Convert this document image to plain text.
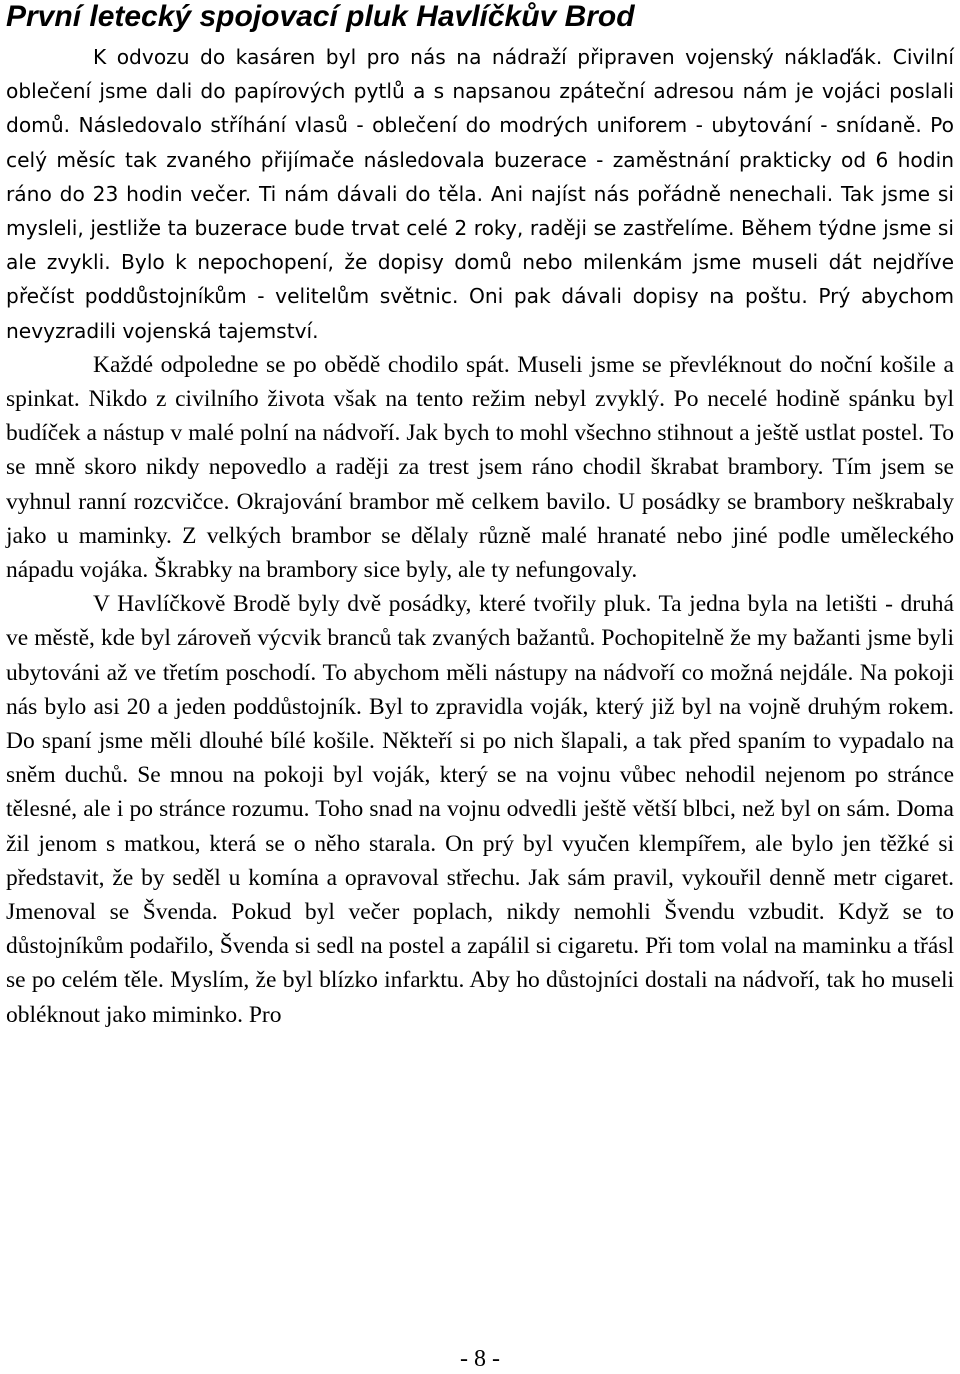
První letecký spojovací pluk Havlíčkův Brod

K odvozu do kasáren byl pro nás na nádraží připraven vojenský náklaďák. Civilní oblečení jsme dali do papírových pytlů a s napsanou zpáteční adresou nám je vojáci poslali domů. Následovalo stříhání vlasů - oblečení do modrých uniforem - ubytování - snídaně. Po celý měsíc tak zvaného přijímače následovala buzerace - zaměstnání prakticky od 6 hodin ráno do 23 hodin večer. Ti nám dávali do těla. Ani najíst nás pořádně nenechali. Tak jsme si mysleli, jestliže ta buzerace bude trvat celé 2 roky, raději se zastřelíme. Během týdne jsme si ale zvykli. Bylo k nepochopení, že dopisy domů nebo milenkám jsme museli dát nejdříve přečíst poddůstojníkům - velitelům světnic. Oni pak dávali dopisy na poštu. Prý abychom nevyzradili vojenská tajemství.

Každé odpoledne se po obědě chodilo spát. Museli jsme se převléknout do noční košile a spinkat. Nikdo z civilního života však na tento režim nebyl zvyklý. Po necelé hodině spánku byl budíček a nástup v malé polní na nádvoří. Jak bych to mohl všechno stihnout a ještě ustlat postel. To se mně skoro nikdy nepovedlo a raději za trest jsem ráno chodil škrabat brambory. Tím jsem se vyhnul ranní rozcvičce. Okrajování brambor mě celkem bavilo. U posádky se brambory neškrabaly jako u maminky. Z velkých brambor se dělaly různě malé hranaté nebo jiné podle uměleckého nápadu vojáka. Škrabky na brambory sice byly, ale ty nefungovaly.

V Havlíčkově Brodě byly dvě posádky, které tvořily pluk. Ta jedna byla na letišti - druhá ve městě, kde byl zároveň výcvik branců tak zvaných bažantů. Pochopitelně že my bažanti jsme byli ubytováni až ve třetím poschodí. To abychom měli nástupy na nádvoří co možná nejdále. Na pokoji nás bylo asi 20 a jeden poddůstojník. Byl to zpravidla voják, který již byl na vojně druhým rokem. Do spaní jsme měli dlouhé bílé košile. Někteří si po nich šlapali, a tak před spaním to vypadalo na sněm duchů. Se mnou na pokoji byl voják, který se na vojnu vůbec nehodil nejenom po stránce tělesné, ale i po stránce rozumu. Toho snad na vojnu odvedli ještě větší blbci, než byl on sám. Doma žil jenom s matkou, která se o něho starala. On prý byl vyučen klempířem, ale bylo jen těžké si představit, že by seděl u komína a opravoval střechu. Jak sám pravil, vykouřil denně metr cigaret. Jmenoval se Švenda. Pokud byl večer poplach, nikdy nemohli Švendu vzbudit. Když se to důstojníkům podařilo, Švenda si sedl na postel a zapálil si cigaretu. Při tom volal na maminku a třásl se po celém těle. Myslím, že byl blízko infarktu. Aby ho důstojníci dostali na nádvoří, tak ho museli obléknout jako miminko. Pro

- 8 -
